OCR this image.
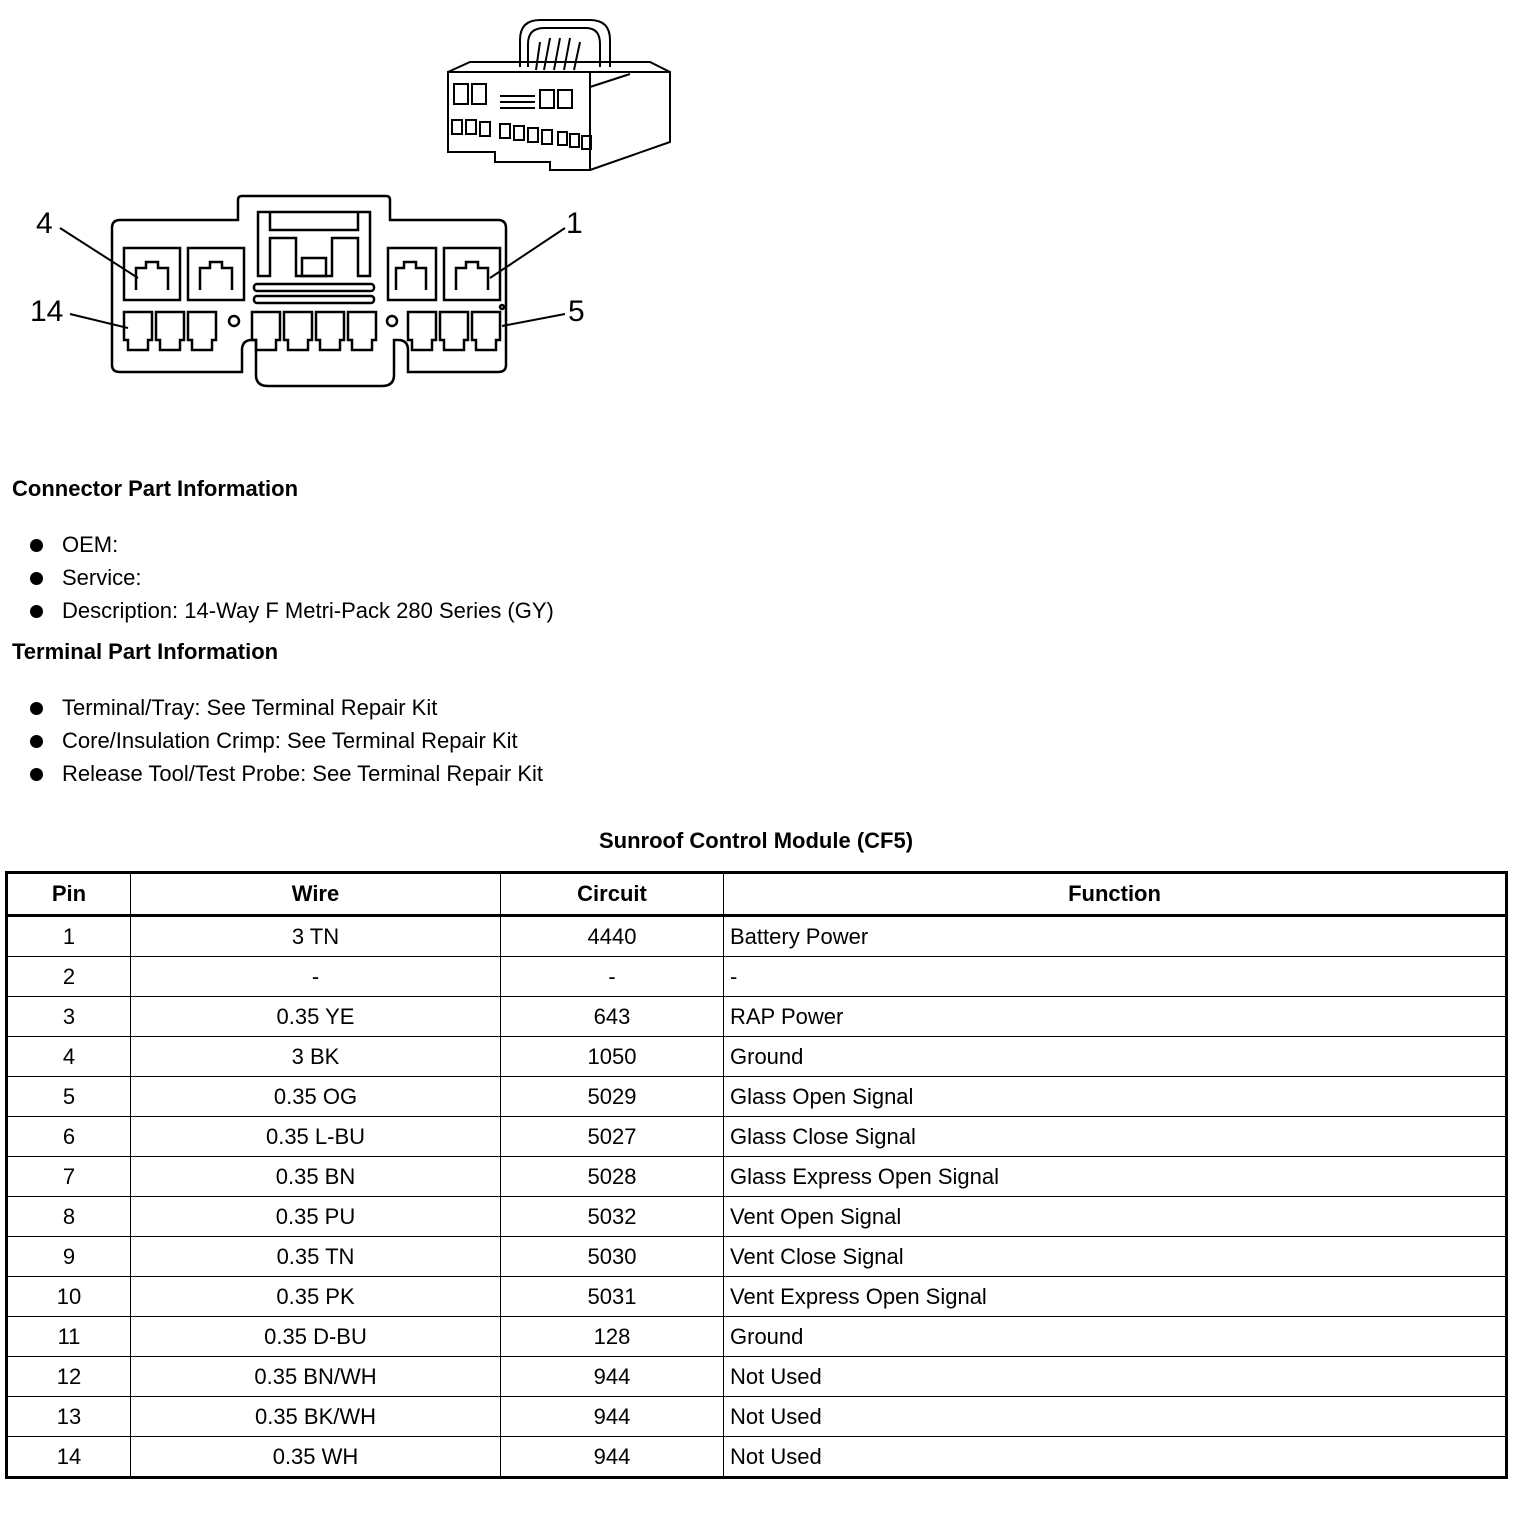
4	1
14	5
Connector Part Information
OEM:
Service:
Description: 14-Way F Metri-Pack 280 Series (GY)
Terminal Part Information
Terminal/Tray: See Terminal Repair Kit
Core/Insulation Crimp: See Terminal Repair Kit
Release Tool/Test Probe: See Terminal Repair Kit
Sunroof Control Module (CF5)
Pin	Wire	Circuit	Function
1	3 TN	4440	Battery Power
2	-	-	-
3	0.35 YE	643	RAP Power
4	3 BK	1050	Ground
5	0.35 OG	5029	Glass Open Signal
6	0.35 L-BU	5027	Glass Close Signal
7	0.35 BN	5028	Glass Express Open Signal
8	0.35 PU	5032	Vent Open Signal
9	0.35 TN	5030	Vent Close Signal
10	0.35 PK	5031	Vent Express Open Signal
11	0.35 D-BU	128	Ground
12	0.35 BN/WH	944	Not Used
13	0.35 BK/WH	944	Not Used
14	0.35 WH	944	Not Used
